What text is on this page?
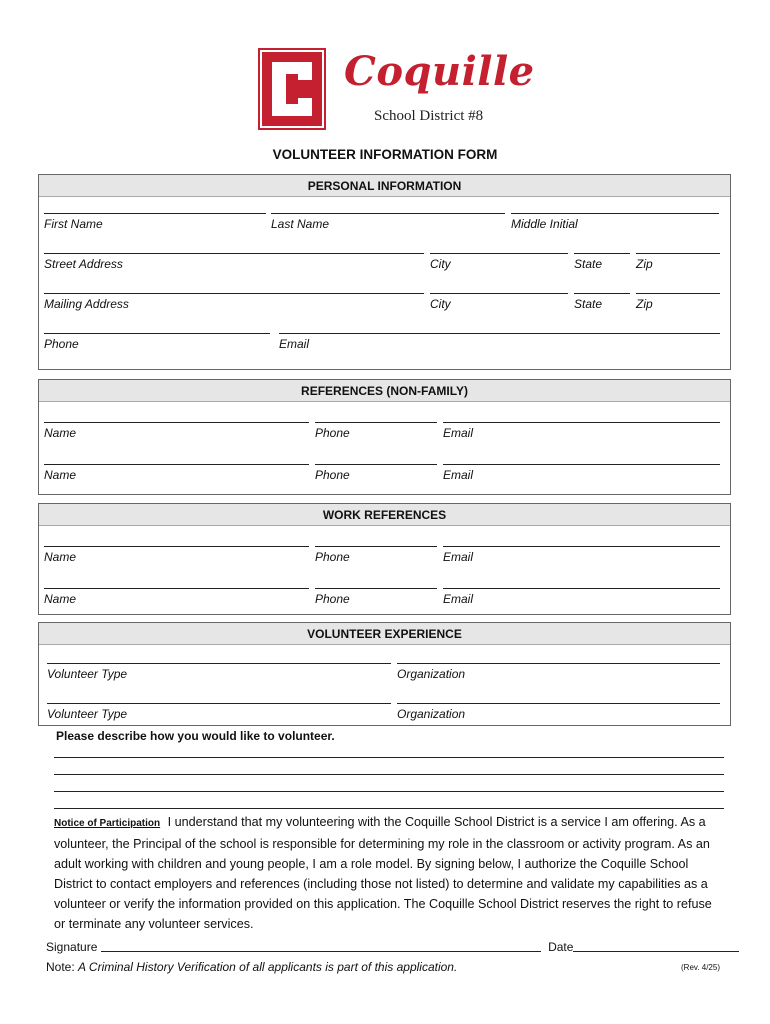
Coquille
School District #8
VOLUNTEER INFORMATION FORM
PERSONAL INFORMATION
First Name	Last Name	Middle Initial
Street Address	City	State	Zip
Mailing Address	City	State	Zip
Phone	Email
REFERENCES (NON-FAMILY)
Name	Phone	Email
Name	Phone	Email
WORK REFERENCES
Name	Phone	Email
Name	Phone	Email
VOLUNTEER EXPERIENCE
Volunteer Type	Organization
Volunteer Type	Organization
Please describe how you would like to volunteer.
Notice of Participation I understand that my volunteering with the Coquille School District is a service I am offering. As a volunteer, the Principal of the school is responsible for determining my role in the classroom or activity program. As an adult working with children and young people, I am a role model. By signing below, I authorize the Coquille School District to contact employers and references (including those not listed) to determine and validate my capabilities as a volunteer or verify the information provided on this application. The Coquille School District reserves the right to refuse or terminate any volunteer services.
Signature	Date
Note: A Criminal History Verification of all applicants is part of this application.	(Rev. 4/25)
